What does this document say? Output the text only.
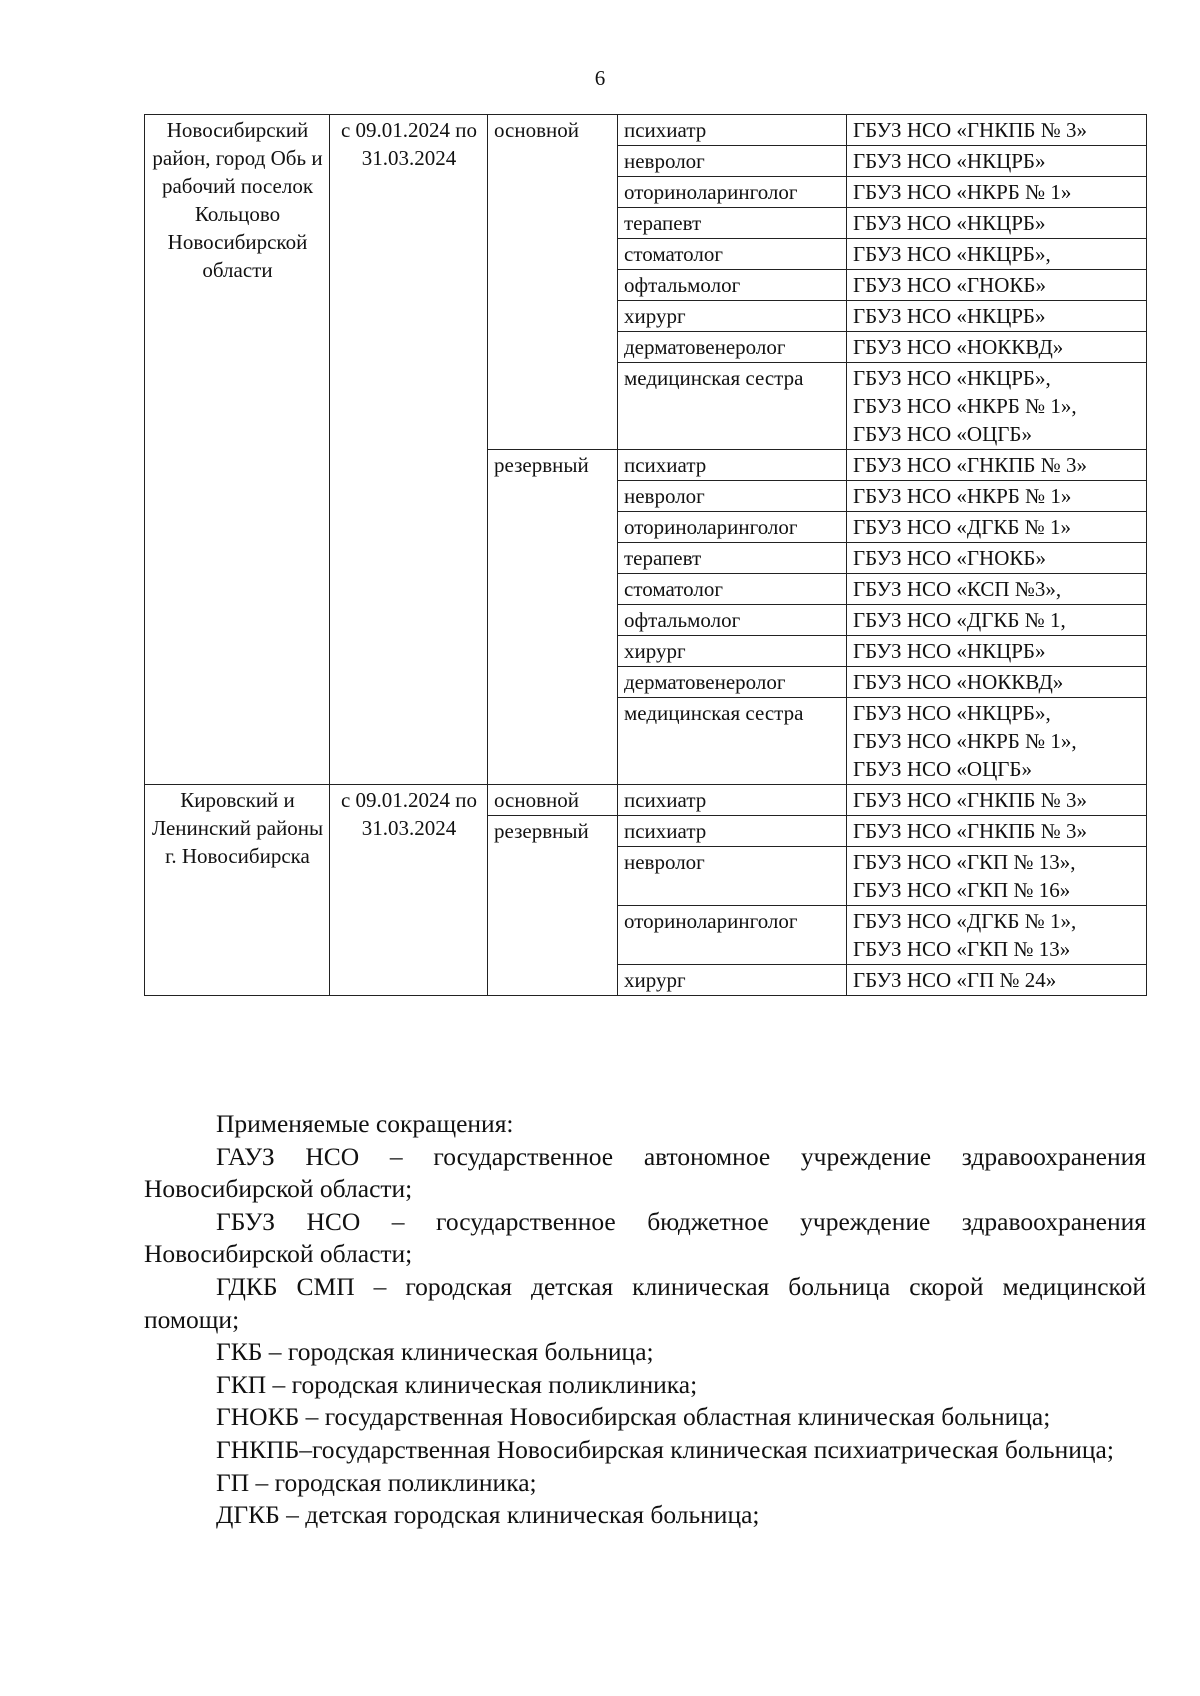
6
Новосибирский район, город Обь и рабочий поселок Кольцово Новосибирской области	с 09.01.2024 по 31.03.2024	основной	психиатр	ГБУЗ НСО «ГНКПБ № 3»
			невролог	ГБУЗ НСО «НКЦРБ»
			оториноларинголог	ГБУЗ НСО «НКРБ № 1»
			терапевт	ГБУЗ НСО «НКЦРБ»
			стоматолог	ГБУЗ НСО «НКЦРБ»,
			офтальмолог	ГБУЗ НСО «ГНОКБ»
			хирург	ГБУЗ НСО «НКЦРБ»
			дерматовенеролог	ГБУЗ НСО «НОККВД»
			медицинская сестра	ГБУЗ НСО «НКЦРБ»,
ГБУЗ НСО «НКРБ № 1»,
ГБУЗ НСО «ОЦГБ»
		резервный	психиатр	ГБУЗ НСО «ГНКПБ № 3»
			невролог	ГБУЗ НСО «НКРБ № 1»
			оториноларинголог	ГБУЗ НСО «ДГКБ № 1»
			терапевт	ГБУЗ НСО «ГНОКБ»
			стоматолог	ГБУЗ НСО «КСП №3»,
			офтальмолог	ГБУЗ НСО «ДГКБ № 1,
			хирург	ГБУЗ НСО «НКЦРБ»
			дерматовенеролог	ГБУЗ НСО «НОККВД»
			медицинская сестра	ГБУЗ НСО «НКЦРБ»,
ГБУЗ НСО «НКРБ № 1»,
ГБУЗ НСО «ОЦГБ»
Кировский и Ленинский районы г. Новосибирска	с 09.01.2024 по 31.03.2024	основной	психиатр	ГБУЗ НСО «ГНКПБ № 3»
		резервный	психиатр	ГБУЗ НСО «ГНКПБ № 3»
			невролог	ГБУЗ НСО «ГКП № 13»,
ГБУЗ НСО «ГКП № 16»
			оториноларинголог	ГБУЗ НСО «ДГКБ № 1»,
ГБУЗ НСО «ГКП № 13»
			хирург	ГБУЗ НСО «ГП № 24»

Применяемые сокращения:

ГАУЗ НСО – государственное автономное учреждение здравоохранения Новосибирской области;

ГБУЗ НСО – государственное бюджетное учреждение здравоохранения Новосибирской области;

ГДКБ СМП – городская детская клиническая больница скорой медицинской помощи;

ГКБ – городская клиническая больница;

ГКП – городская клиническая поликлиника;

ГНОКБ – государственная Новосибирская областная клиническая больница;

ГНКПБ–государственная Новосибирская клиническая психиатрическая больница;

ГП – городская поликлиника;

ДГКБ – детская городская клиническая больница;
